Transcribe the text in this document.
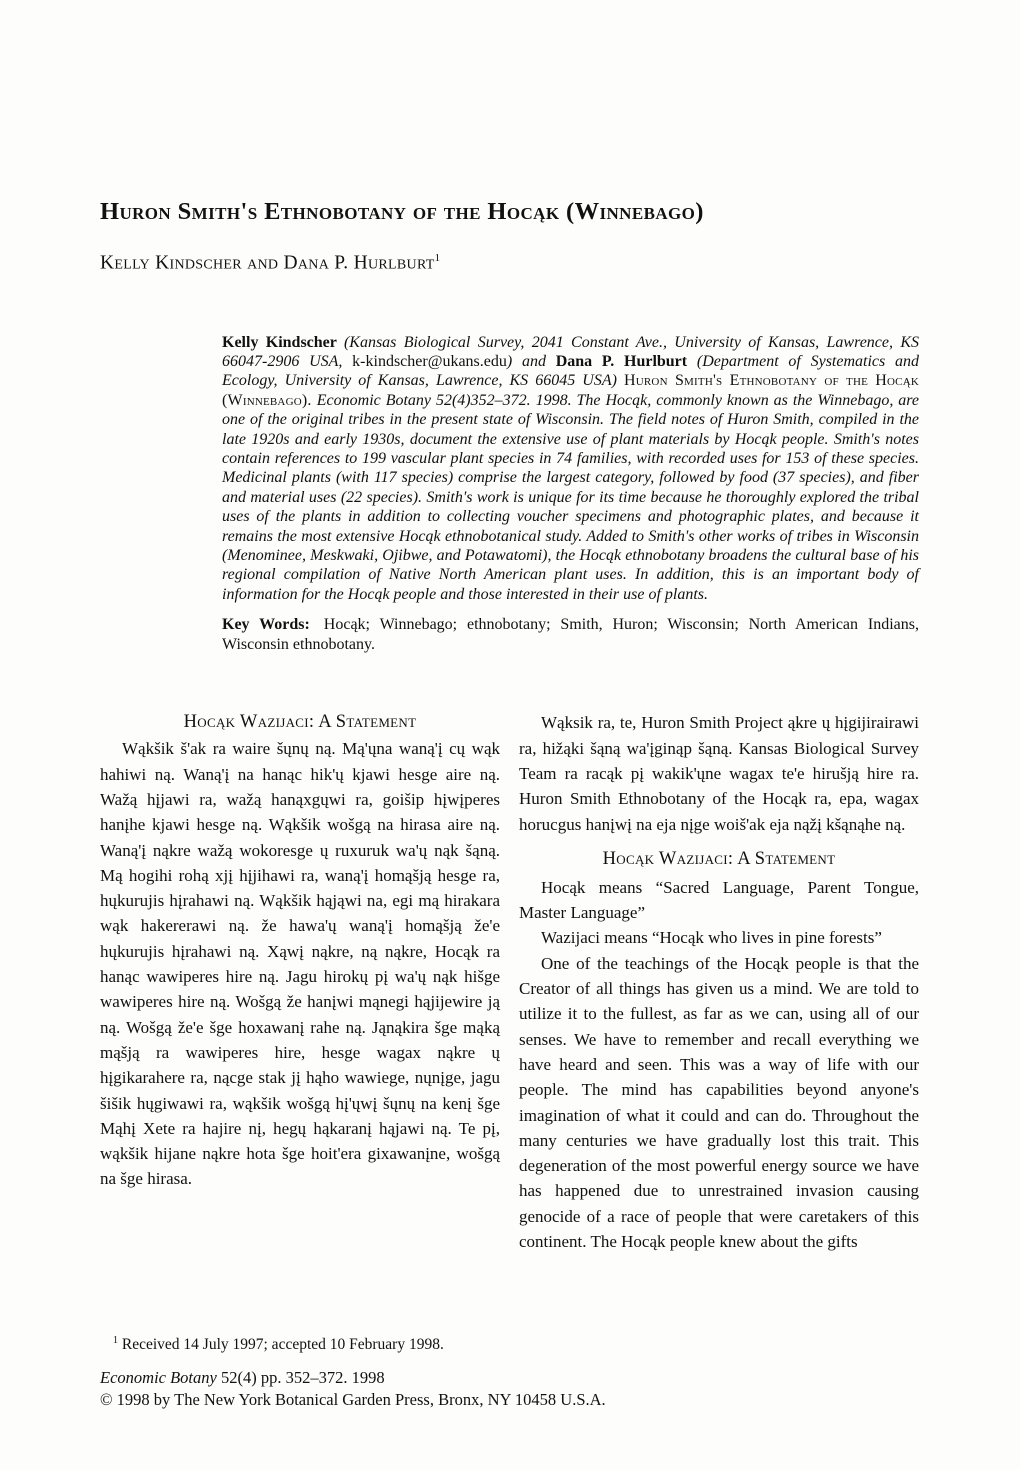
Huron Smith's Ethnobotany of the Hocąk (Winnebago)
Kelly Kindscher and Dana P. Hurlburt$^1$

Kelly Kindscher (Kansas Biological Survey, 2041 Constant Ave., University of Kansas, Lawrence, KS 66047-2906 USA, k-kindscher@ukans.edu) and Dana P. Hurlburt (Department of Systematics and Ecology, University of Kansas, Lawrence, KS 66045 USA) Huron Smith's Ethnobotany of the Hocąk (Winnebago). Economic Botany 52(4)352–372. 1998. The Hocąk, commonly known as the Winnebago, are one of the original tribes in the present state of Wisconsin. The field notes of Huron Smith, compiled in the late 1920s and early 1930s, document the extensive use of plant materials by Hocąk people. Smith's notes contain references to 199 vascular plant species in 74 families, with recorded uses for 153 of these species. Medicinal plants (with 117 species) comprise the largest category, followed by food (37 species), and fiber and material uses (22 species). Smith's work is unique for its time because he thoroughly explored the tribal uses of the plants in addition to collecting voucher specimens and photographic plates, and because it remains the most extensive Hocąk ethnobotanical study. Added to Smith's other works of tribes in Wisconsin (Menominee, Meskwaki, Ojibwe, and Potawatomi), the Hocąk ethnobotany broadens the cultural base of his regional compilation of Native North American plant uses. In addition, this is an important body of information for the Hocąk people and those interested in their use of plants.

Key Words: Hocąk; Winnebago; ethnobotany; Smith, Huron; Wisconsin; North American Indians, Wisconsin ethnobotany.

Hocąk Wazijaci: A Statement

Wąkšik š'ak ra waire šųnų ną. Mą'ųna waną'į cų wąk hahiwi ną. Waną'į na hanąc hik'ų kjawi hesge aire ną. Wažą hįjawi ra, wažą hanąxgųwi ra, goišip hįwįperes hanįhe kjawi hesge ną. Wąkšik wošgą na hirasa aire ną. Waną'į nąkre wažą wokoresge ų ruxuruk wa'ų nąk šąną. Mą hogihi rohą xjį hįjihawi ra, waną'į homąšją hesge ra, hųkurujis hįrahawi ną. Wąkšik hąjąwi na, egi mą hirakara wąk hakererawi ną. že hawa'ų waną'į homąšją že'e hųkurujis hįrahawi ną. Xąwį nąkre, ną nąkre, Hocąk ra hanąc wawiperes hire ną. Jagu hirokų pį wa'ų nąk hišge wawiperes hire ną. Wošgą že hanįwi mąnegi hąjijewire ją ną. Wošgą že'e šge hoxawanį rahe ną. Jąnąkira šge mąką mąšją ra wawiperes hire, hesge wagax nąkre ų hįgikarahere ra, nącge stak jį hąho wawiege, nųnįge, jagu šišik hųgiwawi ra, wąkšik wošgą hį'ųwį šųnų na kenį šge Mąhį Xete ra hajire nį, hegų hąkaranį hąjawi ną. Te pį, wąkšik hijane nąkre hota šge hoit'era gixawanįne, wošgą na šge hirasa.

$^1$ Received 14 July 1997; accepted 10 February 1998.

Wąksik ra, te, Huron Smith Project ąkre ų hįgijirairawi ra, hižąki šąną wa'įginąp šąną. Kansas Biological Survey Team ra racąk pį wakik'ųne wagax te'e hirušją hire ra. Huron Smith Ethnobotany of the Hocąk ra, epa, wagax horucgus hanįwį na eja nįge woiš'ak eja nąžį kšąnąhe ną.

Hocąk Wazijaci: A Statement

Hocąk means “Sacred Language, Parent Tongue, Master Language”

Wazijaci means “Hocąk who lives in pine forests”

One of the teachings of the Hocąk people is that the Creator of all things has given us a mind. We are told to utilize it to the fullest, as far as we can, using all of our senses. We have to remember and recall everything we have heard and seen. This was a way of life with our people. The mind has capabilities beyond anyone's imagination of what it could and can do. Throughout the many centuries we have gradually lost this trait. This degeneration of the most powerful energy source we have has happened due to unrestrained invasion causing genocide of a race of people that were caretakers of this continent. The Hocąk people knew about the gifts

Economic Botany 52(4) pp. 352–372. 1998

© 1998 by The New York Botanical Garden Press, Bronx, NY 10458 U.S.A.
